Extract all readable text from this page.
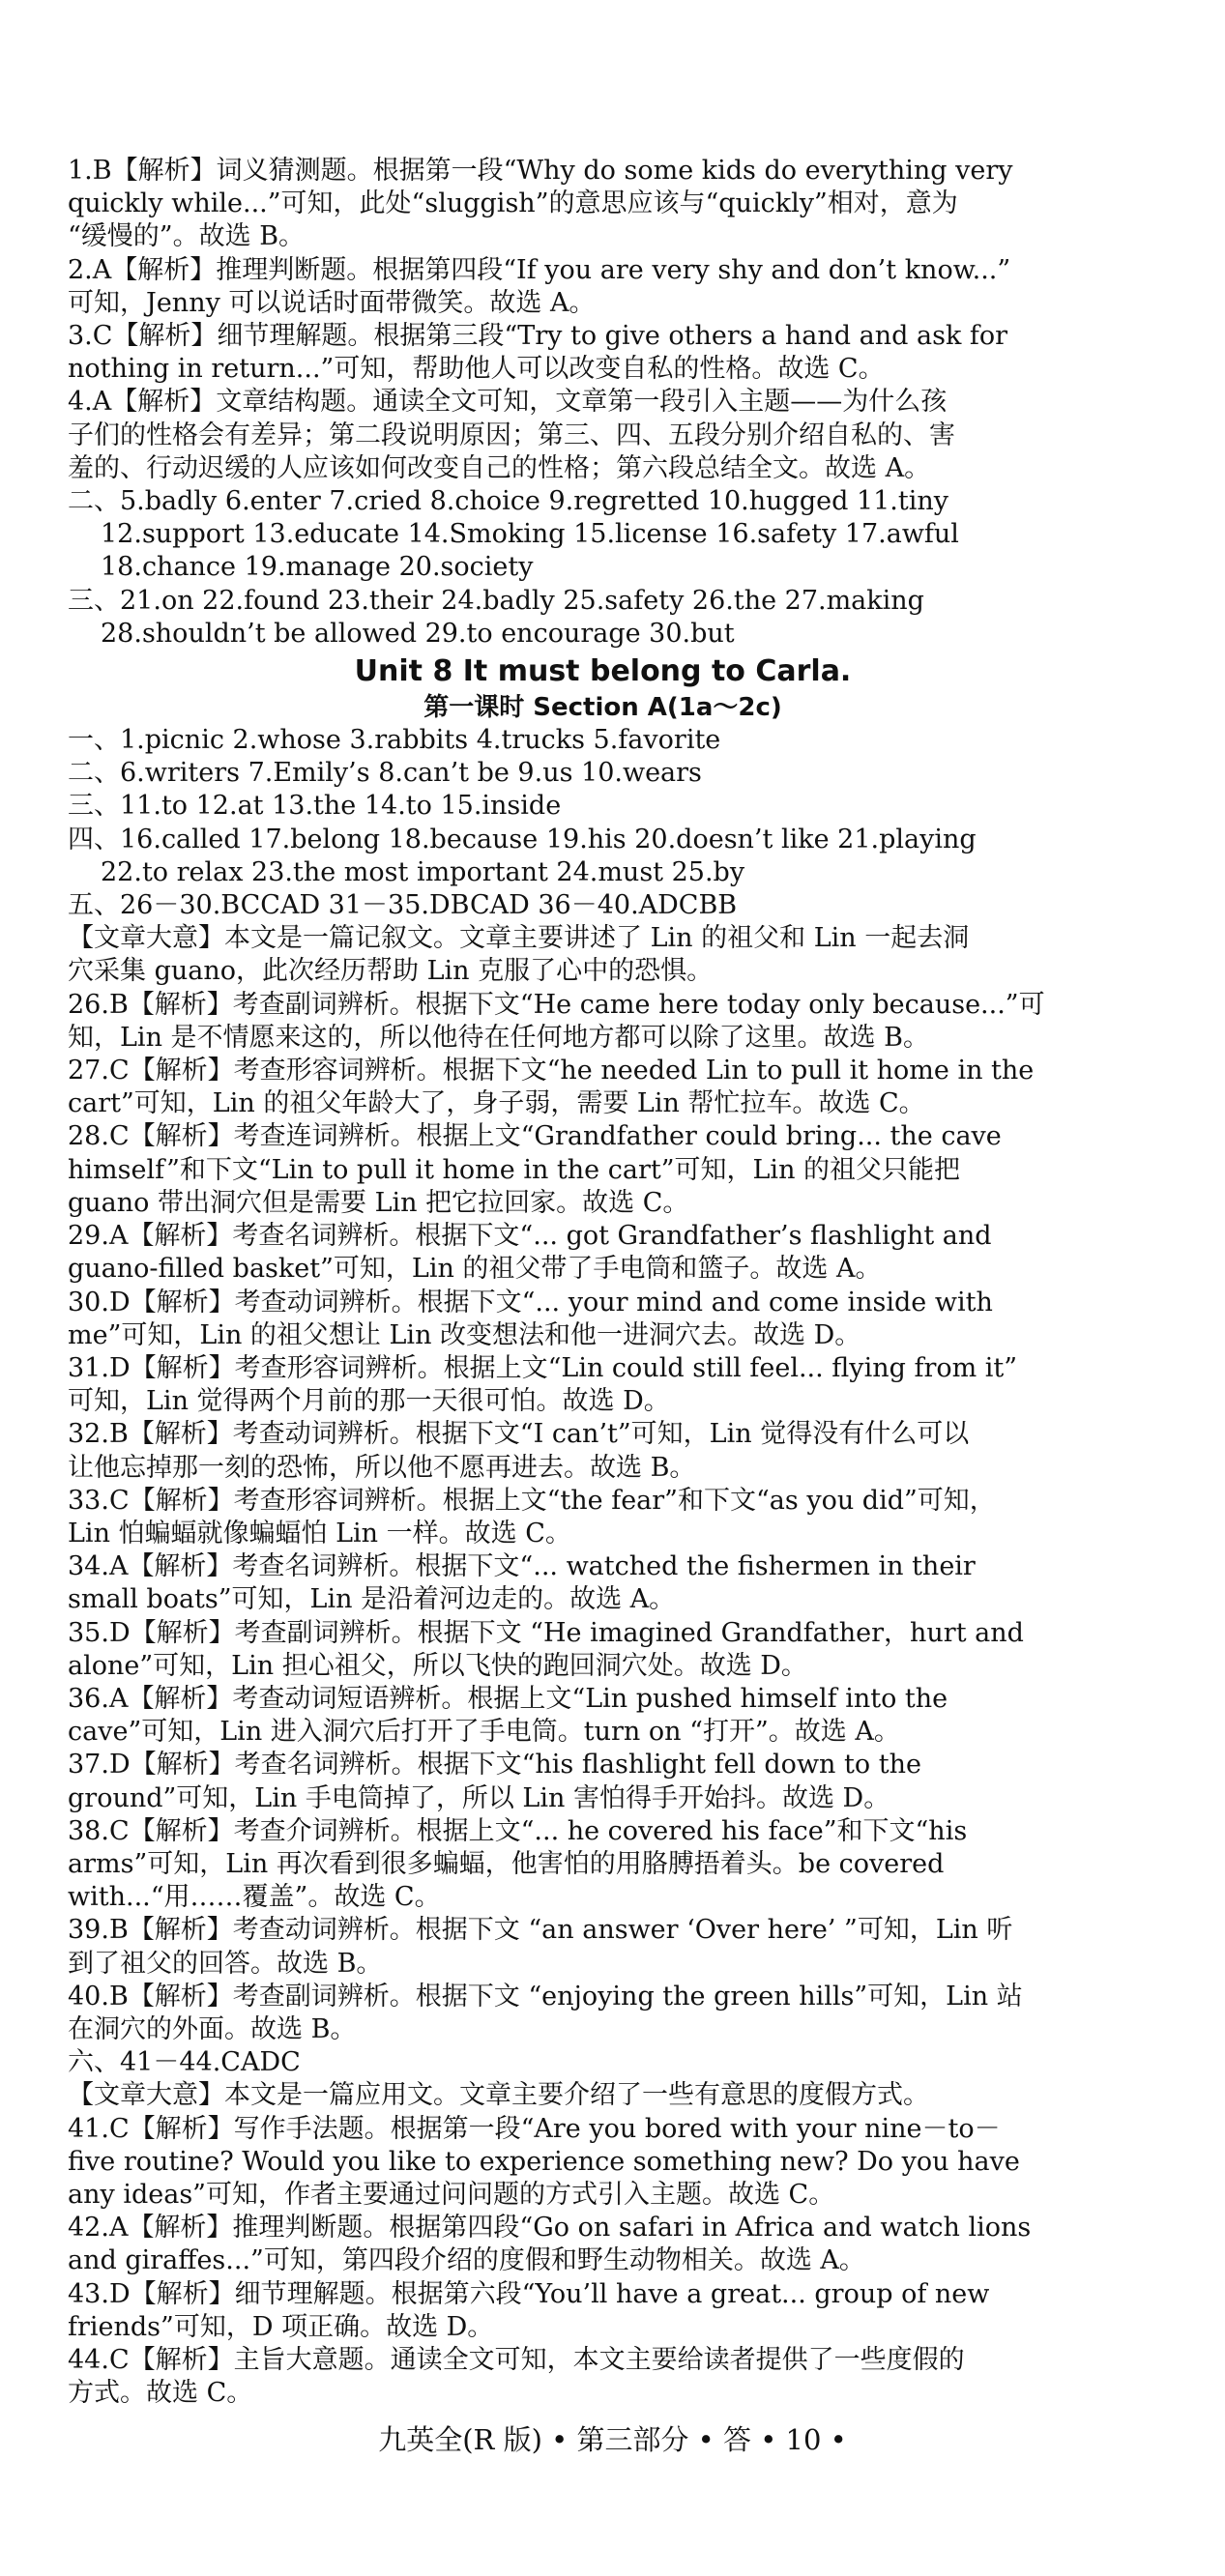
1.B【解析】词义猜测题。根据第一段“Why do some kids do everything very
quickly while...”可知，此处“sluggish”的意思应该与“quickly”相对，意为
“缓慢的”。故选 B。
2.A【解析】推理判断题。根据第四段“If you are very shy and don’t know...”
可知，Jenny 可以说话时面带微笑。故选 A。
3.C【解析】细节理解题。根据第三段“Try to give others a hand and ask for
nothing in return...”可知，帮助他人可以改变自私的性格。故选 C。
4.A【解析】文章结构题。通读全文可知，文章第一段引入主题——为什么孩
子们的性格会有差异；第二段说明原因；第三、四、五段分别介绍自私的、害
羞的、行动迟缓的人应该如何改变自己的性格；第六段总结全文。故选 A。
二、5.badly 6.enter 7.cried 8.choice 9.regretted 10.hugged 11.tiny
12.support 13.educate 14.Smoking 15.license 16.safety 17.awful
18.chance 19.manage 20.society
三、21.on 22.found 23.their 24.badly 25.safety 26.the 27.making
28.shouldn’t be allowed 29.to encourage 30.but
Unit 8 It must belong to Carla.
第一课时 Section A(1a～2c)
一、1.picnic 2.whose 3.rabbits 4.trucks 5.favorite
二、6.writers 7.Emily’s 8.can’t be 9.us 10.wears
三、11.to 12.at 13.the 14.to 15.inside
四、16.called 17.belong 18.because 19.his 20.doesn’t like 21.playing
22.to relax 23.the most important 24.must 25.by
五、26－30.BCCAD 31－35.DBCAD 36－40.ADCBB
【文章大意】本文是一篇记叙文。文章主要讲述了 Lin 的祖父和 Lin 一起去洞
穴采集 guano，此次经历帮助 Lin 克服了心中的恐惧。
26.B【解析】考查副词辨析。根据下文“He came here today only because...”可
知，Lin 是不情愿来这的，所以他待在任何地方都可以除了这里。故选 B。
27.C【解析】考查形容词辨析。根据下文“he needed Lin to pull it home in the
cart”可知，Lin 的祖父年龄大了，身子弱，需要 Lin 帮忙拉车。故选 C。
28.C【解析】考查连词辨析。根据上文“Grandfather could bring... the cave
himself”和下文“Lin to pull it home in the cart”可知，Lin 的祖父只能把
guano 带出洞穴但是需要 Lin 把它拉回家。故选 C。
29.A【解析】考查名词辨析。根据下文“... got Grandfather’s flashlight and
guano-filled basket”可知，Lin 的祖父带了手电筒和篮子。故选 A。
30.D【解析】考查动词辨析。根据下文“... your mind and come inside with
me”可知，Lin 的祖父想让 Lin 改变想法和他一进洞穴去。故选 D。
31.D【解析】考查形容词辨析。根据上文“Lin could still feel... flying from it”
可知，Lin 觉得两个月前的那一天很可怕。故选 D。
32.B【解析】考查动词辨析。根据下文“I can’t”可知，Lin 觉得没有什么可以
让他忘掉那一刻的恐怖，所以他不愿再进去。故选 B。
33.C【解析】考查形容词辨析。根据上文“the fear”和下文“as you did”可知，
Lin 怕蝙蝠就像蝙蝠怕 Lin 一样。故选 C。
34.A【解析】考查名词辨析。根据下文“... watched the fishermen in their
small boats”可知，Lin 是沿着河边走的。故选 A。
35.D【解析】考查副词辨析。根据下文 “He imagined Grandfather，hurt and
alone”可知，Lin 担心祖父，所以飞快的跑回洞穴处。故选 D。
36.A【解析】考查动词短语辨析。根据上文“Lin pushed himself into the
cave”可知，Lin 进入洞穴后打开了手电筒。turn on “打开”。故选 A。
37.D【解析】考查名词辨析。根据下文“his flashlight fell down to the
ground”可知，Lin 手电筒掉了，所以 Lin 害怕得手开始抖。故选 D。
38.C【解析】考查介词辨析。根据上文“... he covered his face”和下文“his
arms”可知，Lin 再次看到很多蝙蝠，他害怕的用胳膊捂着头。be covered
with...“用……覆盖”。故选 C。
39.B【解析】考查动词辨析。根据下文 “an answer ‘Over here’ ”可知，Lin 听
到了祖父的回答。故选 B。
40.B【解析】考查副词辨析。根据下文 “enjoying the green hills”可知，Lin 站
在洞穴的外面。故选 B。
六、41－44.CADC
【文章大意】本文是一篇应用文。文章主要介绍了一些有意思的度假方式。
41.C【解析】写作手法题。根据第一段“Are you bored with your nine－to－
five routine? Would you like to experience something new? Do you have
any ideas”可知，作者主要通过问问题的方式引入主题。故选 C。
42.A【解析】推理判断题。根据第四段“Go on safari in Africa and watch lions
and giraffes...”可知，第四段介绍的度假和野生动物相关。故选 A。
43.D【解析】细节理解题。根据第六段“You’ll have a great... group of new
friends”可知，D 项正确。故选 D。
44.C【解析】主旨大意题。通读全文可知，本文主要给读者提供了一些度假的
方式。故选 C。
九英全(R 版) • 第三部分 • 答 • 10 •
